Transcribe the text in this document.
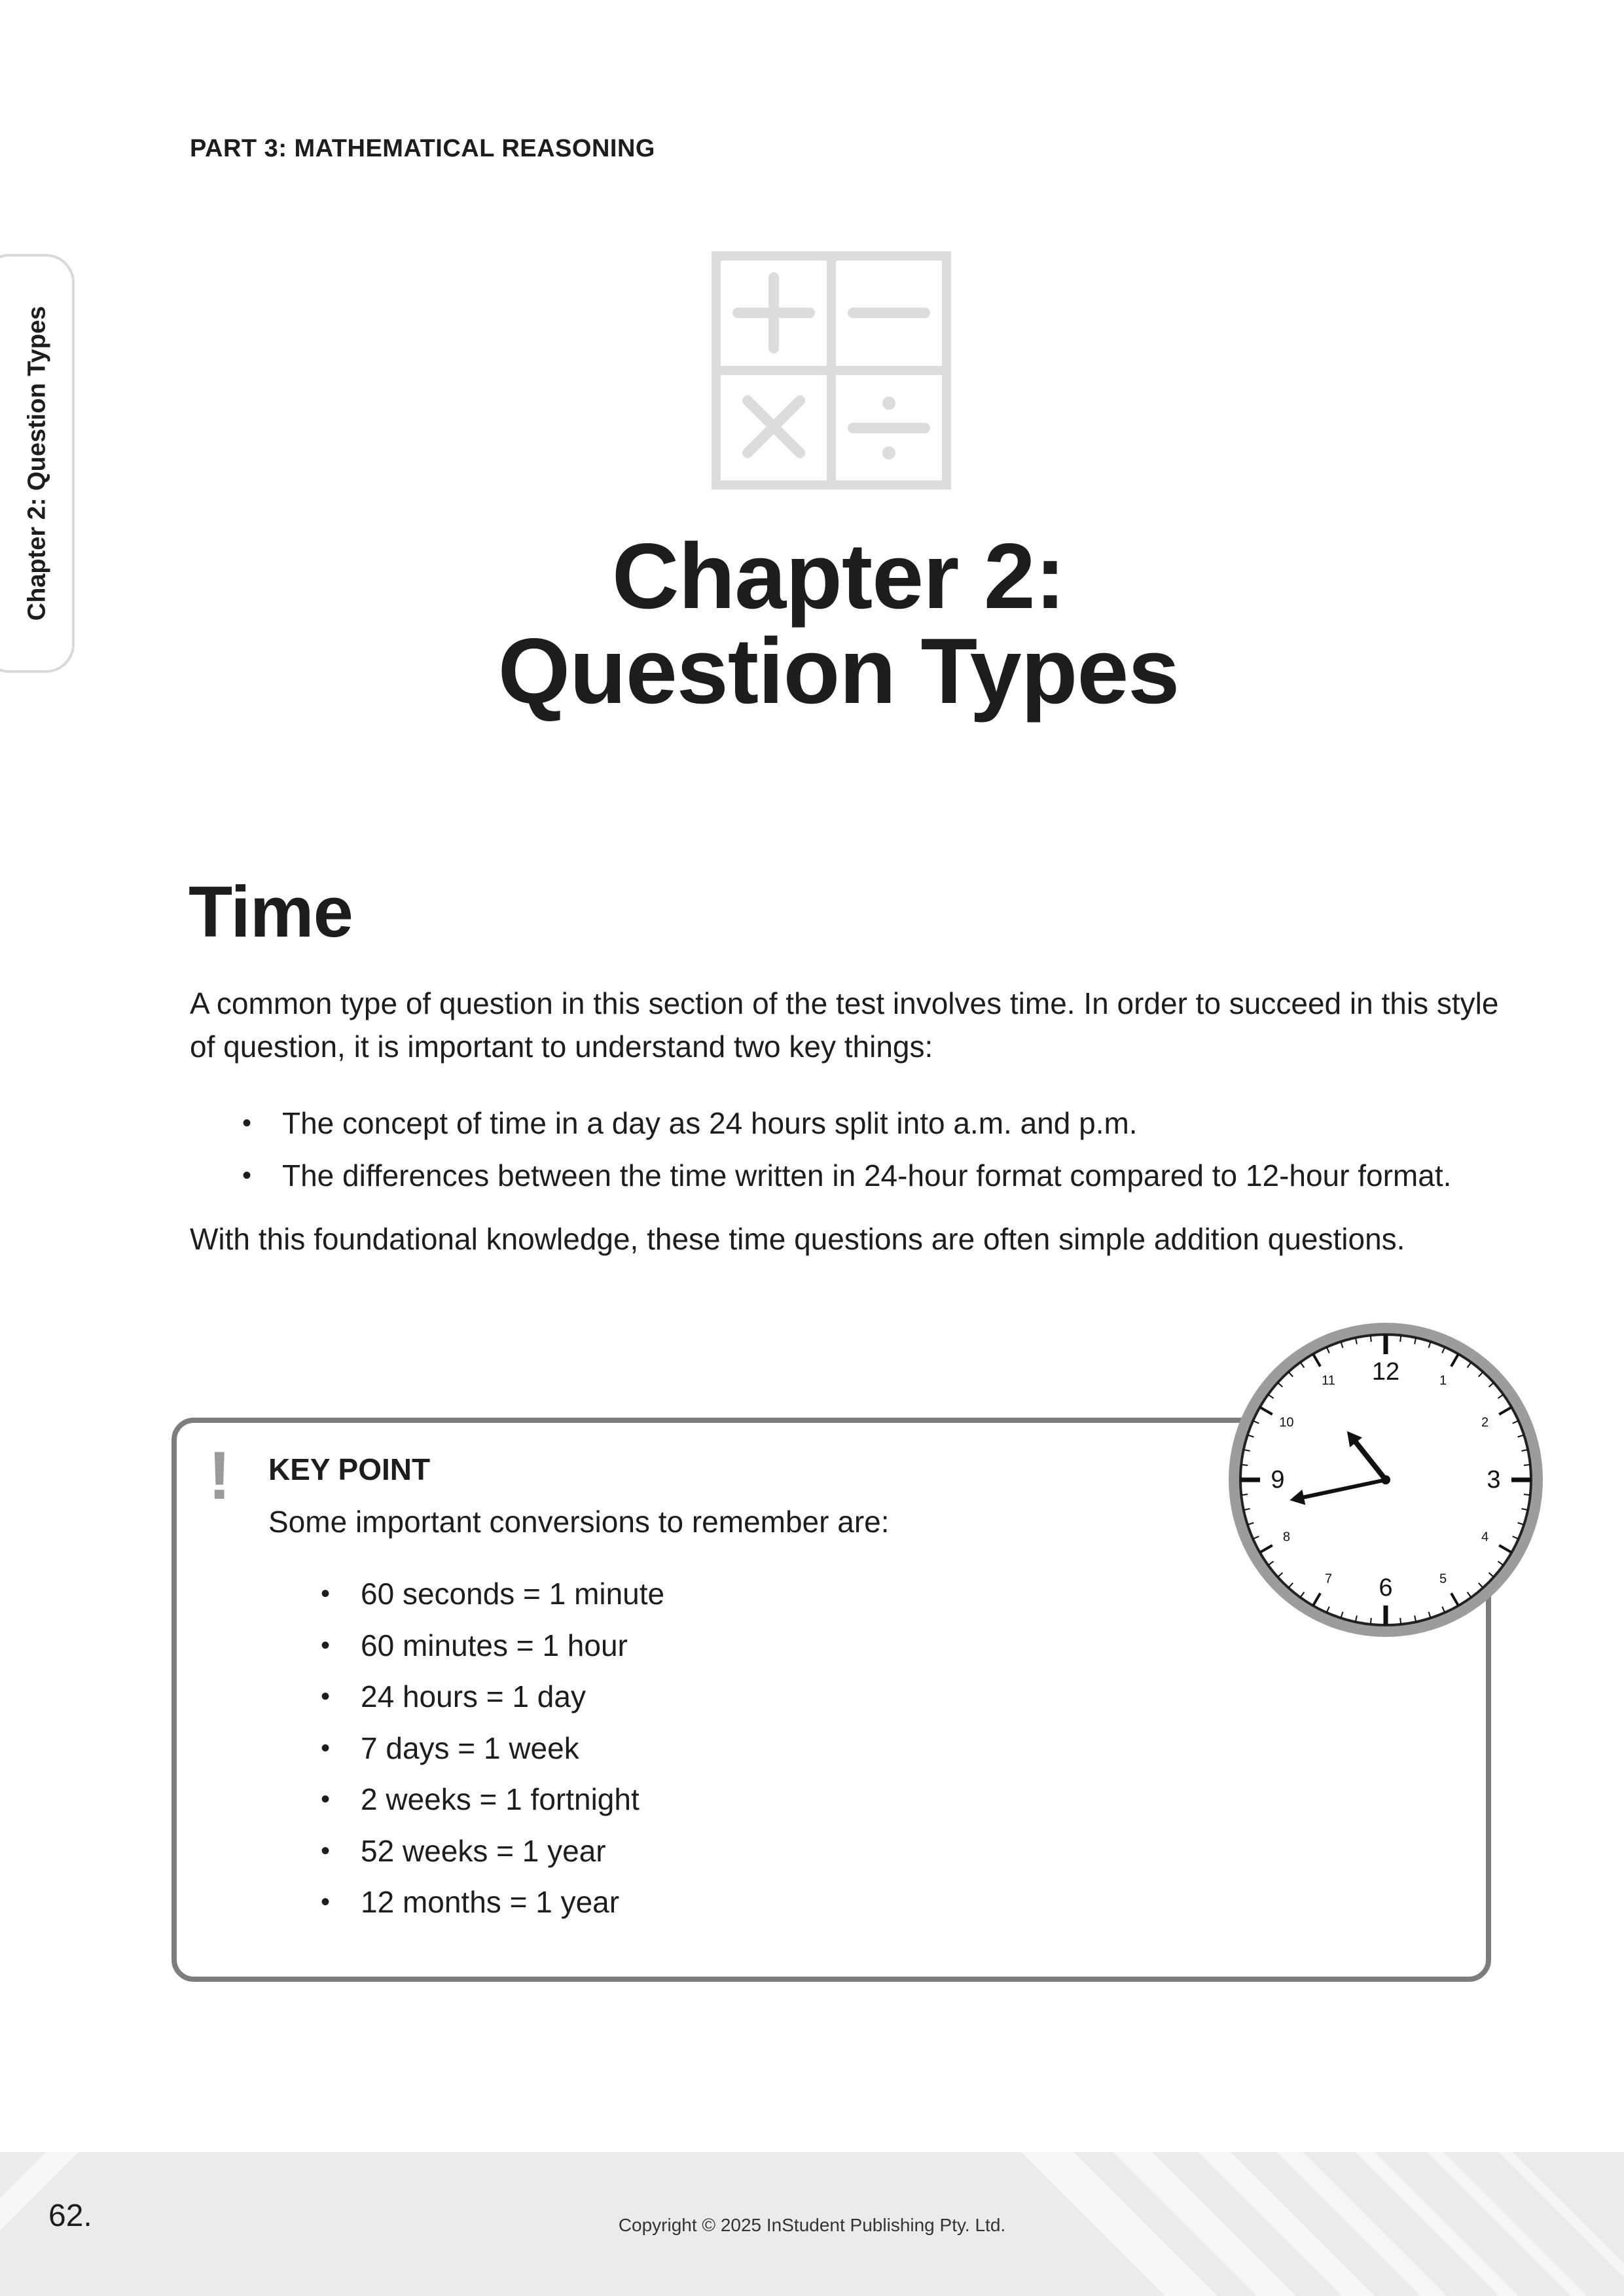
PART 3: MATHEMATICAL REASONING
Chapter 2: Question Types	Chapter 2:
Question Types
Time

A common type of question in this section of the test involves time. In order to succeed in this style of question, it is important to understand two key things:

• The concept of time in a day as 24 hours split into a.m. and p.m.
• The differences between the time written in 24-hour format compared to 12-hour format.

With this foundational knowledge, these time questions are often simple addition questions.

! KEY POINT
Some important conversions to remember are:
• 60 seconds = 1 minute
• 60 minutes = 1 hour
• 24 hours = 1 day
• 7 days = 1 week
• 2 weeks = 1 fortnight
• 52 weeks = 1 year
• 12 months = 1 year
12	1
2
3
4
5
6
7
8
9
10
11
62.	Copyright © 2025 InStudent Publishing Pty. Ltd.
